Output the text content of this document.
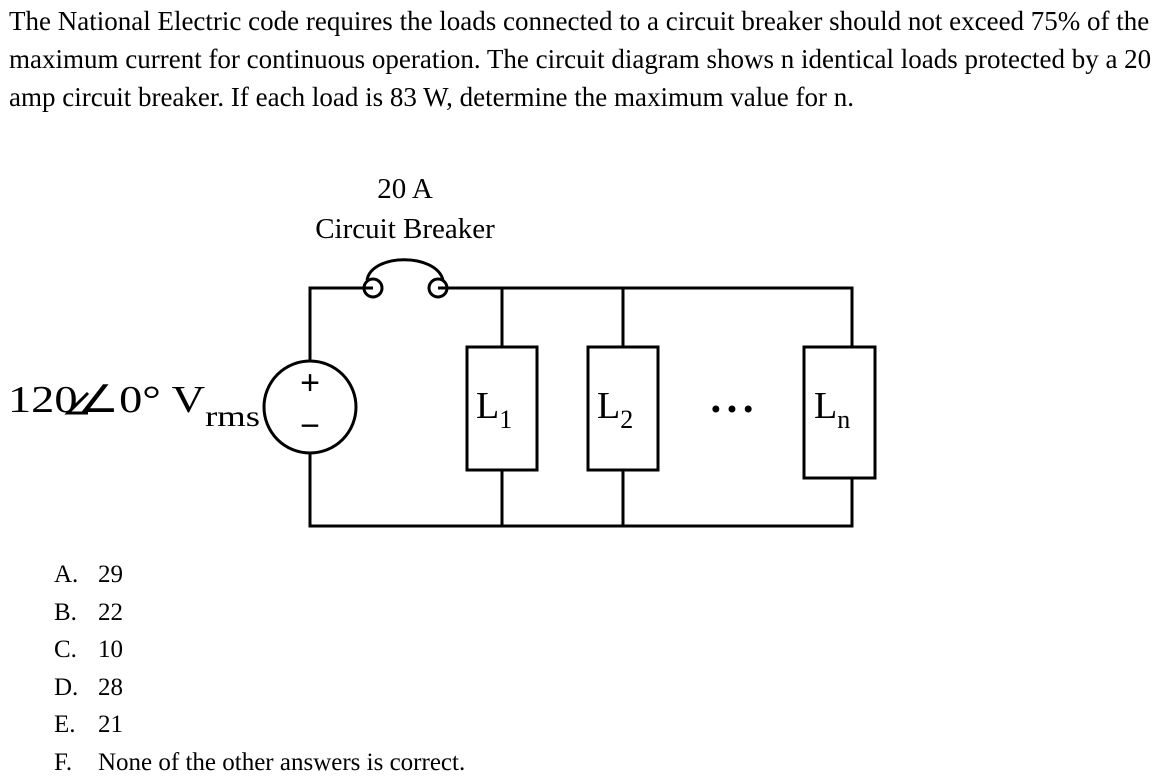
The National Electric code requires the loads connected to a circuit breaker should not exceed 75% of the maximum current for continuous operation. The circuit diagram shows n identical loads protected by a 20 amp circuit breaker. If each load is 83 W, determine the maximum value for n.

20 A
Circuit Breaker
+
−
120∠0° V $_{rms}$	$L_1$ $L_2$	$L_n$
•••
A. 29
B. 22
C. 10
D. 28
E. 21
F. None of the other answers is correct.
